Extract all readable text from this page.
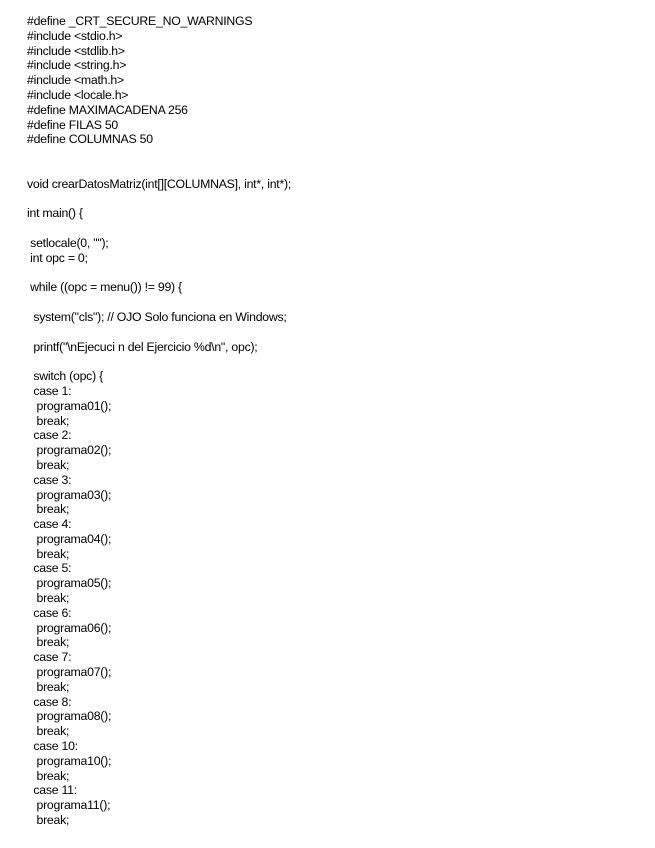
#define _CRT_SECURE_NO_WARNINGS
#include <stdio.h>
#include <stdlib.h>
#include <string.h>
#include <math.h>
#include <locale.h>
#define MAXIMACADENA 256
#define FILAS 50
#define COLUMNAS 50
void crearDatosMatriz(int[][COLUMNAS], int*, int*);
int main() {
setlocale(0, "");
int opc = 0;
while ((opc = menu()) != 99) {
system("cls"); // OJO Solo funciona en Windows;
printf("\nEjecuci n del Ejercicio %d\n", opc);
switch (opc) {
case 1:
programa01();
break;
case 2:
programa02();
break;
case 3:
programa03();
break;
case 4:
programa04();
break;
case 5:
programa05();
break;
case 6:
programa06();
break;
case 7:
programa07();
break;
case 8:
programa08();
break;
case 10:
programa10();
break;
case 11:
programa11();
break;
